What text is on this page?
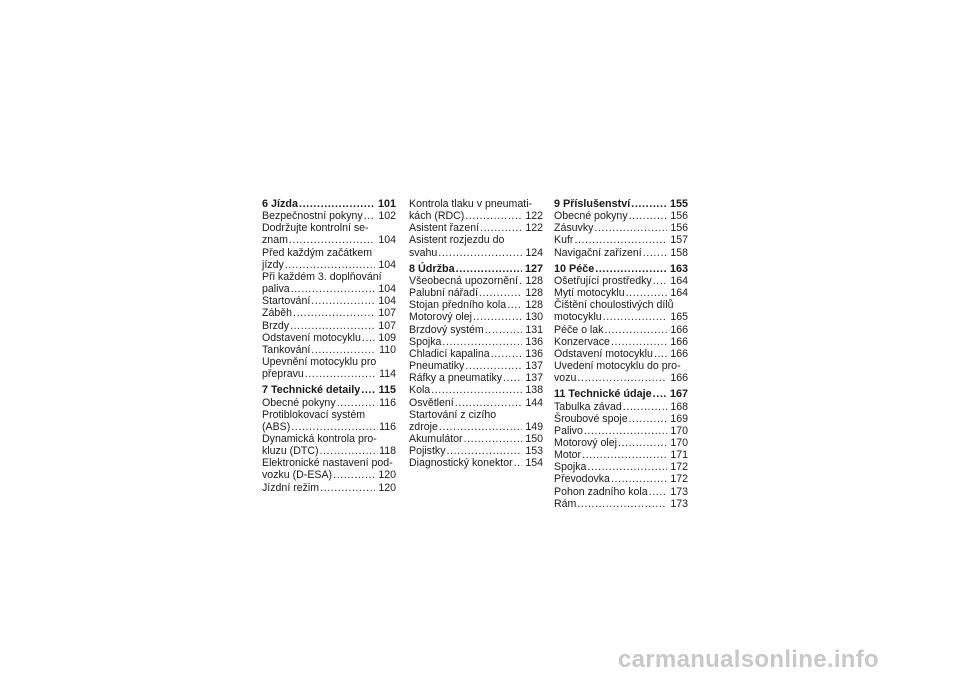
6 Jízda .....	101
Bezpečnostní pokyny ..... 102
Dodržujte kontrolní se-
znam .....	104
Před každým začátkem
jízdy .....	104
Při každém 3. doplňování
paliva .....	104
Startování .....	104
Záběh .....	107
Brzdy .....	107
Odstavení motocyklu ..... 109
Tankování .....	110
Upevnění motocyklu pro
přepravu .....	114
7 Technické detaily ..... 115
Obecné pokyny .....	116
Protiblokovací systém
(ABS) .....	116
Dynamická kontrola pro-
kluzu (DTC) .....	118
Elektronické nastavení pod-
vozku (D-ESA) .....	120
Jízdní režim .....	120
Kontrola tlaku v pneumati-
kách (RDC) .....	122
Asistent řazení .....	122
Asistent rozjezdu do
svahu .....	124
8 Údržba .....	127
Všeobecná upozornění ..... 128
Palubní nářadí .....	128
Stojan předního kola ..... 128
Motorový olej .....	130
Brzdový systém .....	131
Spojka .....	136
Chladicí kapalina .....	136
Pneumatiky .....	137
Ráfky a pneumatiky ..... 137
Kola .....	138
Osvětlení .....	144
Startování z cizího
zdroje .....	149
Akumulátor .....	150
Pojistky .....	153
Diagnostický konektor ..... 154
9 Příslušenství .....	155
Obecné pokyny .....	156
Zásuvky .....	156
Kufr .....	157
Navigační zařízení .....	158
10 Péče .....	163
Ošetřující prostředky ..... 164
Mytí motocyklu .....	164
Čištění choulostivých dílů
motocyklu .....	165
Péče o lak .....	166
Konzervace .....	166
Odstavení motocyklu ..... 166
Uvedení motocyklu do pro-
vozu .....	166
11 Technické údaje ..... 167
Tabulka závad .....	168
Šroubové spoje .....	169
Palivo .....	170
Motorový olej .....	170
Motor .....	171
Spojka .....	172
Převodovka .....	172
Pohon zadního kola ..... 173
Rám .....	173
carmanualsonline.info
